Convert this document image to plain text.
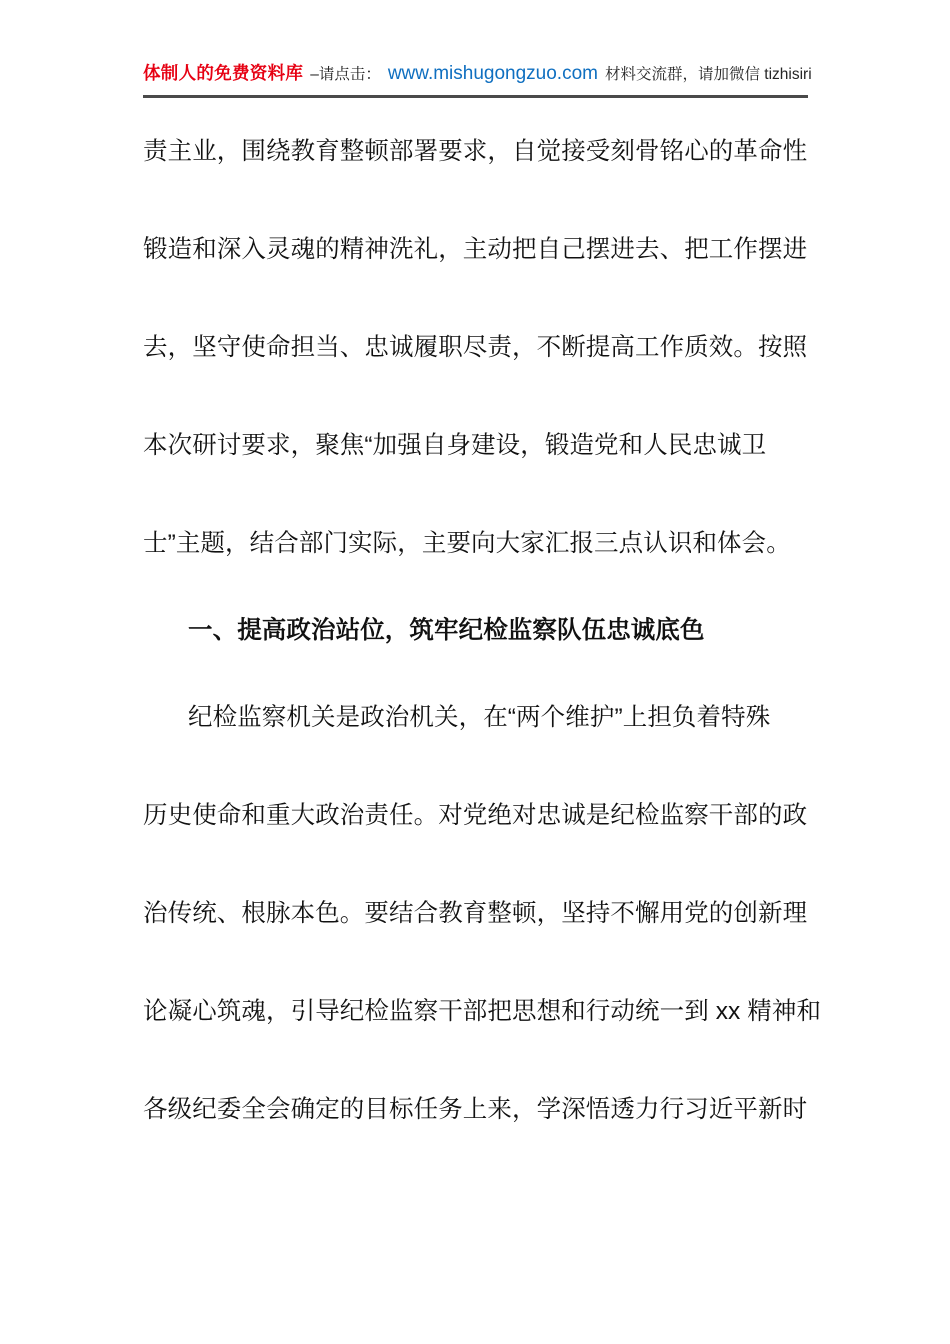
体制人的免费资料库 –请点击： www.mishugongzuo.com 材料交流群，请加微信 tizhisiri
责主业，围绕教育整顿部署要求，自觉接受刻骨铭心的革命性
锻造和深入灵魂的精神洗礼，主动把自己摆进去、把工作摆进
去，坚守使命担当、忠诚履职尽责，不断提高工作质效。按照
本次研讨要求，聚焦“加强自身建设，锻造党和人民忠诚卫
士”主题，结合部门实际，主要向大家汇报三点认识和体会。
一、提高政治站位，筑牢纪检监察队伍忠诚底色
纪检监察机关是政治机关，在“两个维护”上担负着特殊
历史使命和重大政治责任。对党绝对忠诚是纪检监察干部的政
治传统、根脉本色。要结合教育整顿，坚持不懈用党的创新理
论凝心筑魂，引导纪检监察干部把思想和行动统一到 xx 精神和
各级纪委全会确定的目标任务上来，学深悟透力行习近平新时
